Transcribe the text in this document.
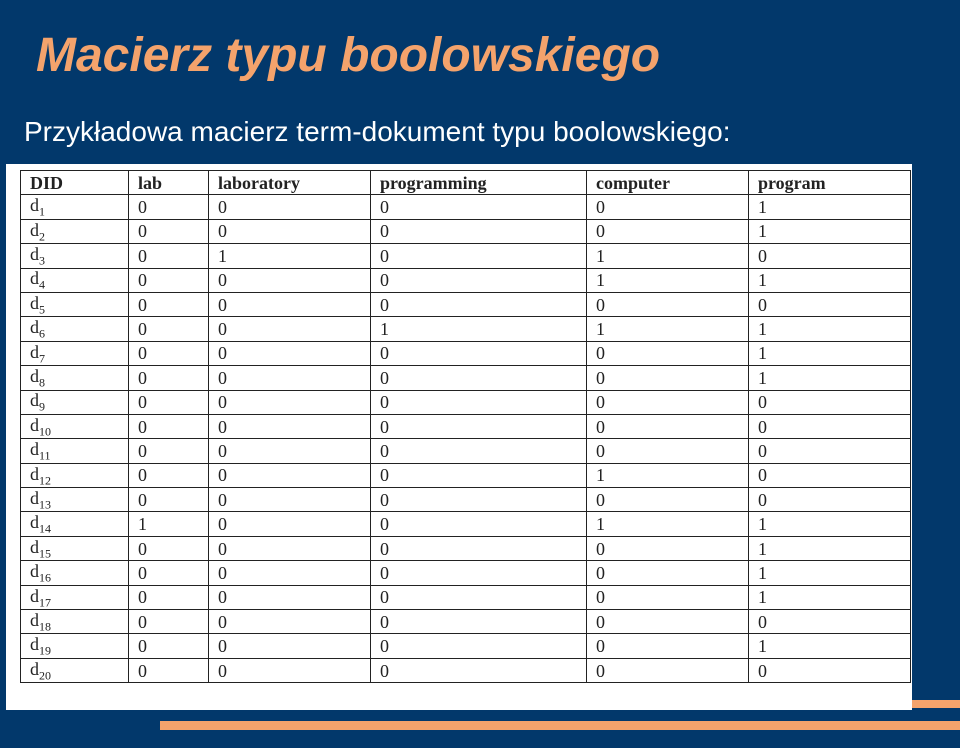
Macierz typu boolowskiego
Przykładowa macierz term-dokument typu boolowskiego:
DID	lab	laboratory	programming	computer	program
$d_1$	0	0	0	0	1
$d_2$	0	0	0	0	1
$d_3$	0	1	0	1	0
$d_4$	0	0	0	1	1
$d_5$	0	0	0	0	0
$d_6$	0	0	1	1	1
$d_7$	0	0	0	0	1
$d_8$	0	0	0	0	1
$d_9$	0	0	0	0	0
$d_{10}$	0	0	0	0	0
$d_{11}$	0	0	0	0	0
$d_{12}$	0	0	0	1	0
$d_{13}$	0	0	0	0	0
$d_{14}$	1	0	0	1	1
$d_{15}$	0	0	0	0	1
$d_{16}$	0	0	0	0	1
$d_{17}$	0	0	0	0	1
$d_{18}$	0	0	0	0	0
$d_{19}$	0	0	0	0	1
$d_{20}$	0	0	0	0	0
